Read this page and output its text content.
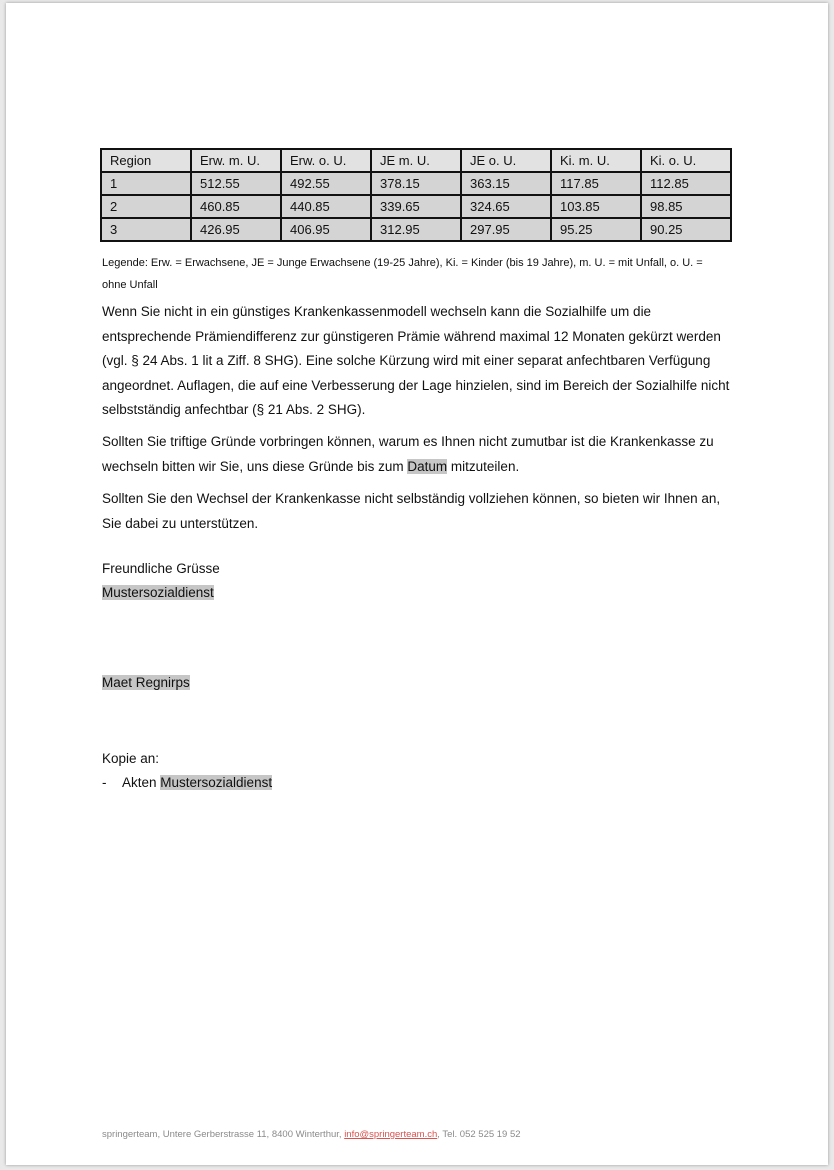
Region	Erw. m. U.	Erw. o. U.	JE m. U.	JE o. U.	Ki. m. U.	Ki. o. U.
1	512.55	492.55	378.15	363.15	117.85	112.85
2	460.85	440.85	339.65	324.65	103.85	98.85
3	426.95	406.95	312.95	297.95	95.25	90.25
Legende: Erw. = Erwachsene, JE = Junge Erwachsene (19-25 Jahre), Ki. = Kinder (bis 19 Jahre), m. U. = mit Unfall, o. U. = ohne Unfall

Wenn Sie nicht in ein günstiges Krankenkassenmodell wechseln kann die Sozialhilfe um die entsprechende Prämiendifferenz zur günstigeren Prämie während maximal 12 Monaten gekürzt werden (vgl. § 24 Abs. 1 lit a Ziff. 8 SHG). Eine solche Kürzung wird mit einer separat anfechtbaren Verfügung angeordnet. Auflagen, die auf eine Verbesserung der Lage hinzielen, sind im Bereich der Sozialhilfe nicht selbstständig anfechtbar (§ 21 Abs. 2 SHG).

Sollten Sie triftige Gründe vorbringen können, warum es Ihnen nicht zumutbar ist die Krankenkasse zu wechseln bitten wir Sie, uns diese Gründe bis zum Datum mitzuteilen.

Sollten Sie den Wechsel der Krankenkasse nicht selbständig vollziehen können, so bieten wir Ihnen an, Sie dabei zu unterstützen.

Freundliche Grüsse
Mustersozialdienst
Maet Regnirps
Kopie an:
- Akten Mustersozialdienst
springerteam, Untere Gerberstrasse 11, 8400 Winterthur, info@springerteam.ch, Tel. 052 525 19 52
